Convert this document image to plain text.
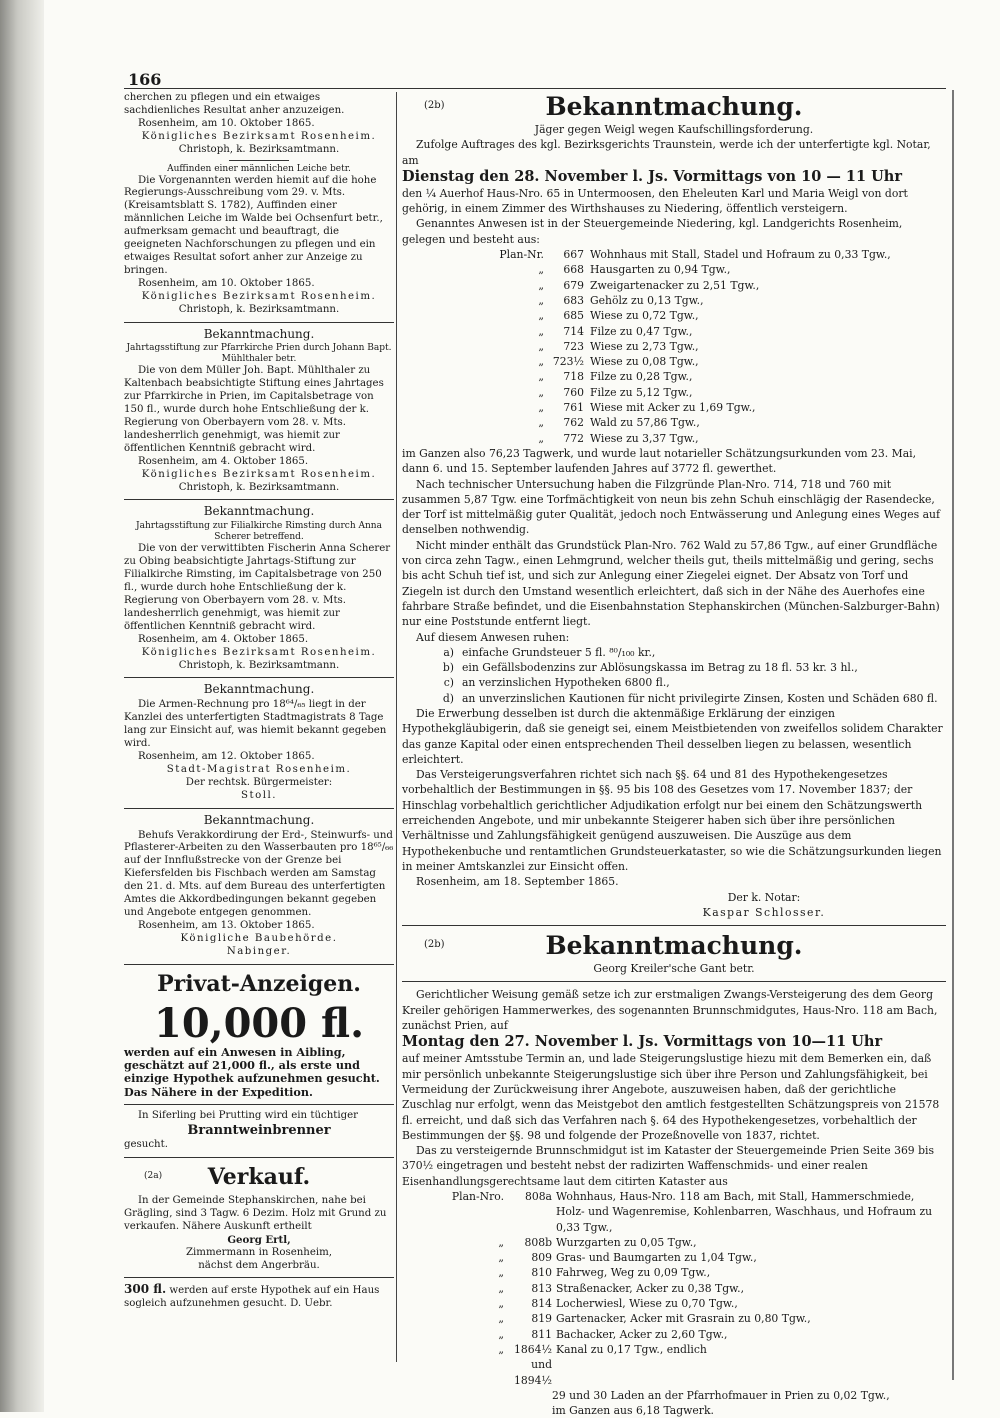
166

cherchen zu pflegen und ein etwaiges sachdienliches Resultat anher anzuzeigen.

Rosenheim, am 10. Oktober 1865.

Königliches Bezirksamt Rosenheim.

Christoph, k. Bezirksamtmann.

Auffinden einer männlichen Leiche betr.

Die Vorgenannten werden hiemit auf die hohe Regierungs-Ausschreibung vom 29. v. Mts. (Kreisamtsblatt S. 1782), Auffinden einer männlichen Leiche im Walde bei Ochsenfurt betr., aufmerksam gemacht und beauftragt, die geeigneten Nachforschungen zu pflegen und ein etwaiges Resultat sofort anher zur Anzeige zu bringen.

Rosenheim, am 10. Oktober 1865.

Königliches Bezirksamt Rosenheim.

Christoph, k. Bezirksamtmann.

Bekanntmachung.

Jahrtagsstiftung zur Pfarrkirche Prien durch Johann Bapt. Mühlthaler betr.

Die von dem Müller Joh. Bapt. Mühlthaler zu Kaltenbach beabsichtigte Stiftung eines Jahrtages zur Pfarrkirche in Prien, im Capitalsbetrage von 150 fl., wurde durch hohe Entschließung der k. Regierung von Oberbayern vom 28. v. Mts. landesherrlich genehmigt, was hiemit zur öffentlichen Kenntniß gebracht wird.

Rosenheim, am 4. Oktober 1865.

Königliches Bezirksamt Rosenheim.

Christoph, k. Bezirksamtmann.

Bekanntmachung.

Jahrtagsstiftung zur Filialkirche Rimsting durch Anna Scherer betreffend.

Die von der verwittibten Fischerin Anna Scherer zu Obing beabsichtigte Jahrtags-Stiftung zur Filialkirche Rimsting, im Capitalsbetrage von 250 fl., wurde durch hohe Entschließung der k. Regierung von Oberbayern vom 28. v. Mts. landesherrlich genehmigt, was hiemit zur öffentlichen Kenntniß gebracht wird.

Rosenheim, am 4. Oktober 1865.

Königliches Bezirksamt Rosenheim.

Christoph, k. Bezirksamtmann.

Bekanntmachung.

Die Armen-Rechnung pro 18⁶⁴/₆₅ liegt in der Kanzlei des unterfertigten Stadtmagistrats 8 Tage lang zur Einsicht auf, was hiemit bekannt gegeben wird.

Rosenheim, am 12. Oktober 1865.

Stadt-Magistrat Rosenheim.

Der rechtsk. Bürgermeister:

Stoll.

Bekanntmachung.

Behufs Verakkordirung der Erd-, Steinwurfs- und Pflasterer-Arbeiten zu den Wasserbauten pro 18⁶⁵/₆₆ auf der Innflußstrecke von der Grenze bei Kiefersfelden bis Fischbach werden am Samstag den 21. d. Mts. auf dem Bureau des unterfertigten Amtes die Akkordbedingungen bekannt gegeben und Angebote entgegen genommen.

Rosenheim, am 13. Oktober 1865.

Königliche Baubehörde.

Nabinger.

Privat-Anzeigen.

10,000 fl.

werden auf ein Anwesen in Aibling, geschätzt auf 21,000 fl., als erste und einzige Hypothek aufzunehmen gesucht. Das Nähere in der Expedition.

In Siferling bei Prutting wird ein tüchtiger

Branntweinbrenner

gesucht.

(2a)	Verkauf.

In der Gemeinde Stephanskirchen, nahe bei Grägling, sind 3 Tagw. 6 Dezim. Holz mit Grund zu verkaufen. Nähere Auskunft ertheilt

Georg Ertl,

Zimmermann in Rosenheim,

nächst dem Angerbräu.

300 fl. werden auf erste Hypothek auf ein Haus sogleich aufzunehmen gesucht. D. Uebr.

(2b)	Bekanntmachung.

Jäger gegen Weigl wegen Kaufschillingsforderung.

Zufolge Auftrages des kgl. Bezirksgerichts Traunstein, werde ich der unterfertigte kgl. Notar, am

Dienstag den 28. November l. Js. Vormittags von 10 — 11 Uhr

den ¼ Auerhof Haus-Nro. 65 in Untermoosen, den Eheleuten Karl und Maria Weigl von dort gehörig, in einem Zimmer des Wirthshauses zu Niedering, öffentlich versteigern.

Genanntes Anwesen ist in der Steuergemeinde Niedering, kgl. Landgerichts Rosenheim, gelegen und besteht aus:

Plan-Nr.	667 Wohnhaus mit Stall, Stadel und Hofraum zu 0,33 Tgw.,
„	668 Hausgarten zu 0,94 Tgw.,
„	679 Zweigartenacker zu 2,51 Tgw.,
„	683 Gehölz zu 0,13 Tgw.,
„	685 Wiese zu 0,72 Tgw.,
„	714 Filze zu 0,47 Tgw.,
„	723 Wiese zu 2,73 Tgw.,
„ 723½ Wiese zu 0,08 Tgw.,
„	718 Filze zu 0,28 Tgw.,
„	760 Filze zu 5,12 Tgw.,
„	761 Wiese mit Acker zu 1,69 Tgw.,
„	762 Wald zu 57,86 Tgw.,
„	772 Wiese zu 3,37 Tgw.,

im Ganzen also 76,23 Tagwerk, und wurde laut notarieller Schätzungsurkunden vom 23. Mai, dann 6. und 15. September laufenden Jahres auf 3772 fl. gewerthet.

Nach technischer Untersuchung haben die Filzgründe Plan-Nro. 714, 718 und 760 mit zusammen 5,87 Tgw. eine Torfmächtigkeit von neun bis zehn Schuh einschlägig der Rasendecke, der Torf ist mittelmäßig guter Qualität, jedoch noch Entwässerung und Anlegung eines Weges auf denselben nothwendig.

Nicht minder enthält das Grundstück Plan-Nro. 762 Wald zu 57,86 Tgw., auf einer Grundfläche von circa zehn Tagw., einen Lehmgrund, welcher theils gut, theils mittelmäßig und gering, sechs bis acht Schuh tief ist, und sich zur Anlegung einer Ziegelei eignet. Der Absatz von Torf und Ziegeln ist durch den Umstand wesentlich erleichtert, daß sich in der Nähe des Auerhofes eine fahrbare Straße befindet, und die Eisenbahnstation Stephanskirchen (München-Salzburger-Bahn) nur eine Poststunde entfernt liegt.

Auf diesem Anwesen ruhen:

a) einfache Grundsteuer 5 fl. ⁸⁰/₁₀₀ kr.,
b) ein Gefällsbodenzins zur Ablösungskassa im Betrag zu 18 fl. 53 kr. 3 hl.,
c) an verzinslichen Hypotheken 6800 fl.,
d) an unverzinslichen Kautionen für nicht privilegirte Zinsen, Kosten und Schäden 680 fl.

Die Erwerbung desselben ist durch die aktenmäßige Erklärung der einzigen Hypothekgläubigerin, daß sie geneigt sei, einem Meistbietenden von zweifellos solidem Charakter das ganze Kapital oder einen entsprechenden Theil desselben liegen zu belassen, wesentlich erleichtert.

Das Versteigerungsverfahren richtet sich nach §§. 64 und 81 des Hypothekengesetzes vorbehaltlich der Bestimmungen in §§. 95 bis 108 des Gesetzes vom 17. November 1837; der Hinschlag vorbehaltlich gerichtlicher Adjudikation erfolgt nur bei einem den Schätzungswerth erreichenden Angebote, und mir unbekannte Steigerer haben sich über ihre persönlichen Verhältnisse und Zahlungsfähigkeit genügend auszuweisen. Die Auszüge aus dem Hypothekenbuche und rentamtlichen Grundsteuerkataster, so wie die Schätzungsurkunden liegen in meiner Amtskanzlei zur Einsicht offen.

Rosenheim, am 18. September 1865.

Der k. Notar:

Kaspar Schlosser.

(2b)	Bekanntmachung.

Georg Kreiler'sche Gant betr.

Gerichtlicher Weisung gemäß setze ich zur erstmaligen Zwangs-Versteigerung des dem Georg Kreiler gehörigen Hammerwerkes, des sogenannten Brunnschmidgutes, Haus-Nro. 118 am Bach, zunächst Prien, auf

Montag den 27. November l. Js. Vormittags von 10—11 Uhr

auf meiner Amtsstube Termin an, und lade Steigerungslustige hiezu mit dem Bemerken ein, daß mir persönlich unbekannte Steigerungslustige sich über ihre Person und Zahlungsfähigkeit, bei Vermeidung der Zurückweisung ihrer Angebote, auszuweisen haben, daß der gerichtliche Zuschlag nur erfolgt, wenn das Meistgebot den amtlich festgestellten Schätzungspreis von 21578 fl. erreicht, und daß sich das Verfahren nach §. 64 des Hypothekengesetzes, vorbehaltlich der Bestimmungen der §§. 98 und folgende der Prozeßnovelle von 1837, richtet.

Das zu versteigernde Brunnschmidgut ist im Kataster der Steuergemeinde Prien Seite 369 bis 370½ eingetragen und besteht nebst der radizirten Waffenschmids- und einer realen Eisenhandlungsgerechtsame laut dem citirten Kataster aus

Plan-Nro.	808a Wohnhaus, Haus-Nro. 118 am Bach, mit Stall, Hammerschmiede, Holz- und Wagenremise, Kohlenbarren, Waschhaus, und Hofraum zu 0,33 Tgw.,
„	808b Wurzgarten zu 0,05 Tgw.,
„	809 Gras- und Baumgarten zu 1,04 Tgw.,
„	810 Fahrweg, Weg zu 0,09 Tgw.,
„	813 Straßenacker, Acker zu 0,38 Tgw.,
„	814 Locherwiesl, Wiese zu 0,70 Tgw.,
„	819 Gartenacker, Acker mit Grasrain zu 0,80 Tgw.,
„	811 Bachacker, Acker zu 2,60 Tgw.,
„ 1864½ und 1894½
Kanal zu 0,17 Tgw., endlich

29 und 30 Laden an der Pfarrhofmauer in Prien zu 0,02 Tgw.,

im Ganzen aus 6,18 Tagwerk.
